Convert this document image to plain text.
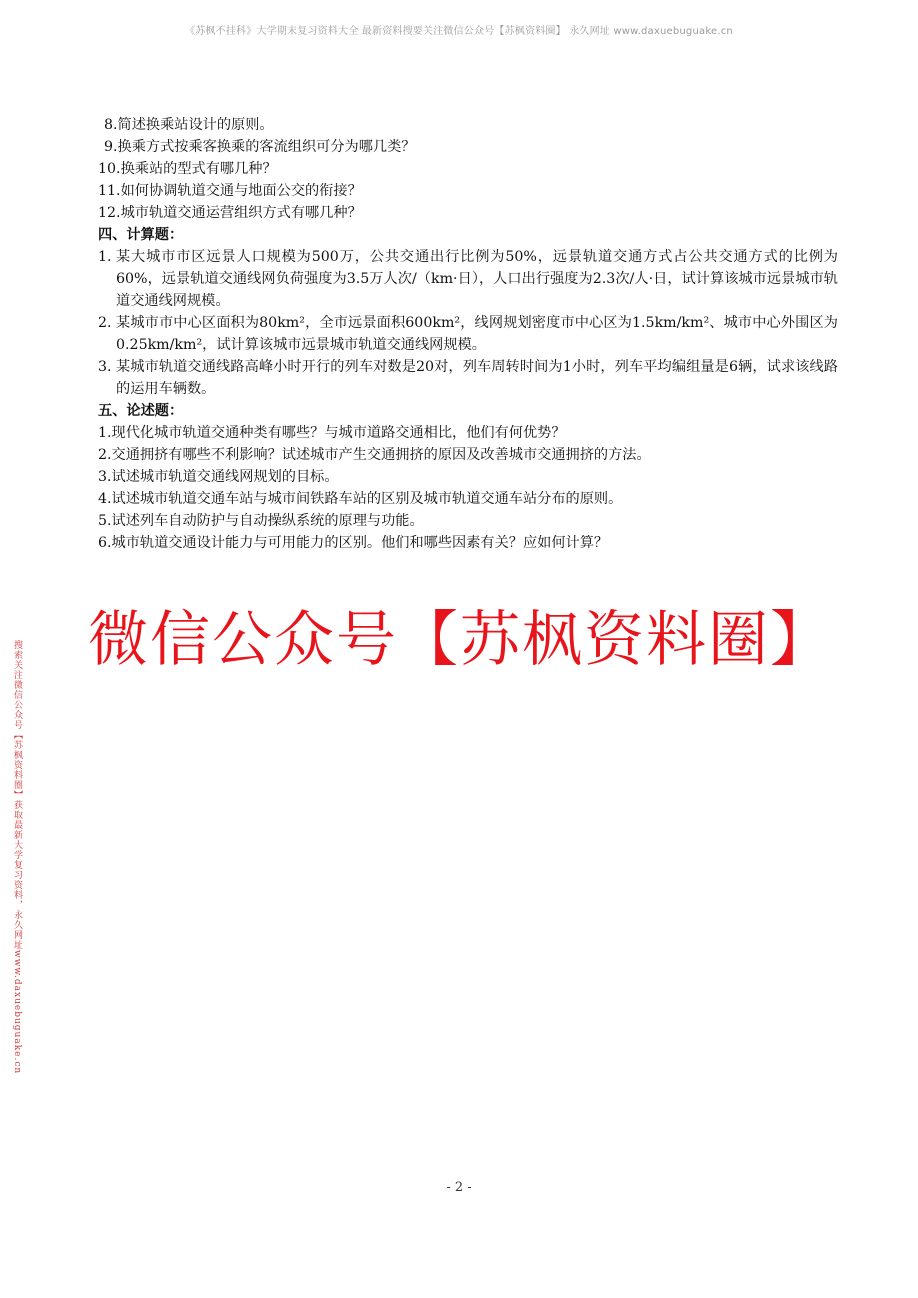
《苏枫不挂科》大学期末复习资料大全 最新资料搜要关注微信公众号【苏枫资料圈】 永久网址 www.daxuebuguake.cn
8.简述换乘站设计的原则。
9.换乘方式按乘客换乘的客流组织可分为哪几类？
10.换乘站的型式有哪几种？
11.如何协调轨道交通与地面公交的衔接？
12.城市轨道交通运营组织方式有哪几种？
四、计算题：
1. 某大城市市区远景人口规模为500万，公共交通出行比例为50%，远景轨道交通方式占公共交通方式的比例为60%，远景轨道交通线网负荷强度为3.5万人次/（km·日），人口出行强度为2.3次/人·日，试计算该城市远景城市轨道交通线网规模。
2. 某城市市中心区面积为80km²，全市远景面积600km²，线网规划密度市中心区为1.5km/km²、城市中心外围区为0.25km/km²，试计算该城市远景城市轨道交通线网规模。
3. 某城市轨道交通线路高峰小时开行的列车对数是20对，列车周转时间为1小时，列车平均编组量是6辆，试求该线路的运用车辆数。
五、论述题：
1.现代化城市轨道交通种类有哪些？与城市道路交通相比，他们有何优势？
2.交通拥挤有哪些不利影响？试述城市产生交通拥挤的原因及改善城市交通拥挤的方法。
3.试述城市轨道交通线网规划的目标。
4.试述城市轨道交通车站与城市间铁路车站的区别及城市轨道交通车站分布的原则。
5.试述列车自动防护与自动操纵系统的原理与功能。
6.城市轨道交通设计能力与可用能力的区别。他们和哪些因素有关？应如何计算？
微信公众号【苏枫资料圈】
搜索关注微信公众号【苏枫资料圈】获取最新大学复习资料，永久网址www.daxuebuguake.cn
- 2 -
